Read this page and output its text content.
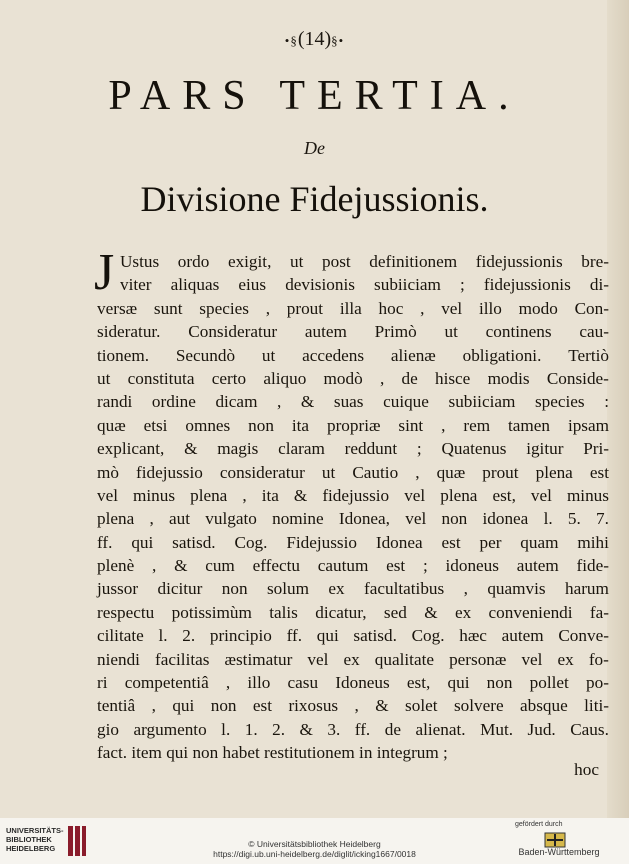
•§(14)§•
PARS TERTIA.
De
Divisione Fidejussionis.
J Ustus ordo exigit, ut post definitionem fidejussionis bre-
viter aliquas eius devisionis subiiciam ; fidejussionis di-
versæ sunt species , prout illa hoc , vel illo modo Con-
sideratur. Consideratur autem Primò ut continens cau-
tionem. Secundò ut accedens alienæ obligationi. Tertiò
ut constituta certo aliquo modò , de hisce modis Conside-
randi ordine dicam , & suas cuique subiiciam species :
quæ etsi omnes non ita propriæ sint , rem tamen ipsam
explicant, & magis claram reddunt ; Quatenus igitur Pri-
mò fidejussio consideratur ut Cautio , quæ prout plena est
vel minus plena , ita & fidejussio vel plena est, vel minus
plena , aut vulgato nomine Idonea, vel non idonea l. 5. 7.
ff. qui satisd. Cog. Fidejussio Idonea est per quam mihi
plenè , & cum effectu cautum est ; idoneus autem fide-
jussor dicitur non solum ex facultatibus , quamvis harum
respectu potissimùm talis dicatur, sed & ex conveniendi fa-
cilitate l. 2. principio ff. qui satisd. Cog. hæc autem Conve-
niendi facilitas æstimatur vel ex qualitate personæ vel ex fo-
ri competentiâ , illo casu Idoneus est, qui non pollet po-
tentiâ , qui non est rixosus , & solet solvere absque liti-
gio argumento l. 1. 2. & 3. ff. de alienat. Mut. Jud. Caus.
fact. item qui non habet restitutionem in integrum ;
hoc
UNIVERSITÄTS-
BIBLIOTHEK
HEIDELBERG	© Universitätsbibliothek Heidelberg
https://digi.ub.uni-heidelberg.de/diglit/icking1667/0018
gefördert durch
Baden-Württemberg
